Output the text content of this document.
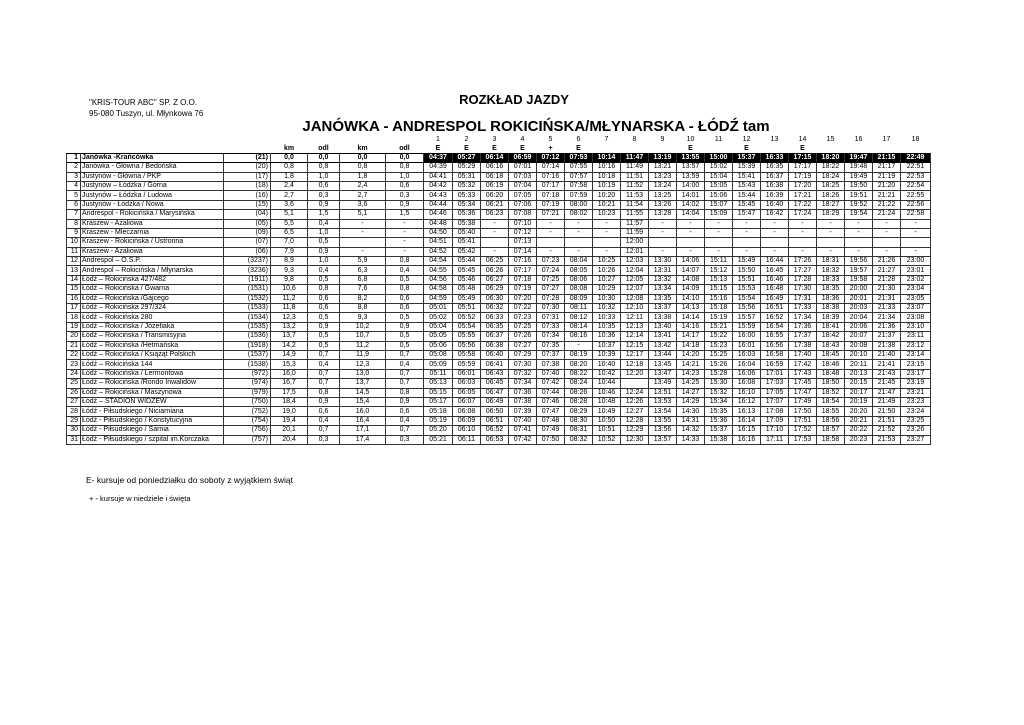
"KRIS-TOUR ABC" SP. Z O.O.
95-080 Tuszyn, ul. Młynkowa 76
ROZKŁAD JAZDY
JANÓWKA - ANDRESPOL ROKICIŃSKA/MŁYNARSKA - ŁÓDŹ tam
							1	2	3	4	5	6	7	8	9	10	11	12	13	14	15	16	17	18
			km	odl	km	odl	E	E	E	E	+	E				E		E		E				
1	Janówka -Krańcówka	(21)	0,0	0,0	0,0	0,0	04:37	05:27	06:14	06:59	07:12	07:53	10:14	11:47	13:19	13:55	15:00	15:37	16:33	17:15	18:20	19:47	21:15	22:49
2	Janówka - Główna / Bedońska	(20)	0,8	0,8	0,8	0,8	04:39	05:29	06:16	07:01	07:14	07:55	10:16	11:49	13:21	13:57	15:02	15:39	16:35	17:17	18:22	19:48	21:17	22:51
3	Justynów - Główna / PKP	(17)	1,8	1,0	1,8	1,0	04:41	05:31	06:18	07:03	07:16	07:57	10:18	11:51	13:23	13:59	15:04	15:41	16:37	17:19	18:24	19:49	21:19	22:53
4	Justynów – Łódzka / Górna	(18)	2,4	0,6	2,4	0,6	04:42	05:32	06:19	07:04	07:17	07:58	10:19	11:52	13:24	14:00	15:05	15:43	16:38	17:20	18:25	19:50	21:20	22:54
5	Justynów – Łódzka / Ludowa	(16)	2,7	0,3	2,7	0,3	04:43	05:33	06:20	07:05	07:18	07:59	10:20	11:53	13:25	14:01	15:06	15:44	16:39	17:21	18:26	19:51	21:21	22:55
6	Justynów - Łódzka / Nowa	(15)	3,6	0,9	3,6	0,9	04:44	05:34	06:21	07:06	07:19	08:00	10:21	11:54	13:26	14:02	15:07	15:45	16:40	17:22	18:27	19:52	21:22	22:56
7	Andrespol - Rokicińska / Marysińska	(04)	5,1	1,5	5,1	1,5	04:46	05:36	06:23	07:08	07:21	08:02	10:23	11:55	13:28	14:04	15:09	15:47	16:42	17:24	18:29	19:54	21:24	22:58
8	Kraszew - Azaliowa	(05)	5,5	0,4	-	-	04:48	05:38	-	07:10	-	-	-	11:57	-	-	-	-	-	-	-	-	-	-
9	Kraszew - Mleczarnia	(09)	6,5	1,0	-	-	04:50	05:40	-	07:12	-	-	-	11:59	-	-	-	-	-	-	-	-	-	-
10	Kraszew - Rokicińska / Ustronna	(07)	7,0	0,5		-	04:51	05:41		07:13				12:00										
11	Kraszew - Azaliowa	(06)	7,9	0,9	-	-	04:52	05:42	-	07:14	-	-	-	12:01	-	-	-	-	-	-	-	-	-	-
12	Andrespol – O.S.P.	(3237)	8,9	1,0	5,9	0,8	04:54	05:44	06:25	07:16	07:23	08:04	10:25	12:03	13:30	14:06	15:11	15:49	16:44	17:26	18:31	19:56	21:26	23:00
13	Andrespol – Rokicińska / Młynarska	(3236)	9,3	0,4	6,3	0,4	04:55	05:45	06:26	07:17	07:24	08:05	10:26	12:04	13:31	14:07	15:12	15:50	16:45	17:27	18:32	19:57	21:27	23:01
14	Łódź – Rokicińska 427/482	(1911)	9,8	0,5	6,8	0,5	04:56	05:46	06:27	07:18	07:25	08:06	10:27	12:05	13:32	14:08	15:13	15:51	16:46	17:28	18:33	19:58	21:28	23:02
15	Łódź – Rokicińska / Gwarna	(1531)	10,6	0,8	7,6	0,8	04:58	05:48	06:29	07:19	07:27	08:08	10:29	12:07	13:34	14:09	15:15	15:53	16:48	17:30	18:35	20:00	21:30	23:04
16	Łódź – Rokicińska /Gajcego	(1532)	11,2	0,6	8,2	0,6	04:59	05:49	06:30	07:20	07:28	08:09	10:30	12:08	13:35	14:10	15:16	15:54	16:49	17:31	18:36	20:01	21:31	23:05
17	Łódź – Rokicińska 297/324	(1533)	11,8	0,6	8,8	0,6	05:01	05:51	06:32	07:22	07:30	08:11	10:32	12:10	13:37	14:13	15:18	15:56	16:51	17:33	18:38	20:03	21:33	23:07
18	Łódź – Rokicińska 280	(1534)	12,3	0,5	9,3	0,5	05:02	05:52	06:33	07:23	07:31	08:12	10:33	12:11	13:38	14:14	15:19	15:57	16:52	17:34	18:39	20:04	21:34	23:08
19	Łódź – Rokicińska / Józefiaka	(1535)	13,2	0,9	10,2	0,9	05:04	05:54	06:35	07:25	07:33	08:14	10:35	12:13	13:40	14:16	15:21	15:59	16:54	17:36	18:41	20:06	21:36	23:10
20	Łódź – Rokicińska / Transmisyjna	(1536)	13,7	0,5	10,7	0,5	05:05	05:55	06:37	07:26	07:34	08:16	10:36	12:14	13:41	14:17	15:22	16:00	16:55	17:37	18:42	20:07	21:37	23:11
21	Łódź – Rokicińska /Hetmańska	(1918)	14,2	0,5	11,2	0,5	05:06	05:56	06:38	07:27	07:35	-	10:37	12:15	13:42	14:18	15:23	16:01	16:56	17:38	18:43	20:08	21:38	23:12
22	Łódź – Rokicińska / Książąt Polskich	(1537)	14,9	0,7	11,9	0,7	05:08	05:58	06:40	07:29	07:37	08:19	10:39	12:17	13:44	14:20	15:25	16:03	16:58	17:40	18:45	20:10	21:40	23:14
23	Łódź – Rokicińska 144	(1538)	15,3	0,4	12,3	0,4	05:09	05:59	06:41	07:30	07:38	08:20	10:40	12:18	13:45	14:21	15:26	16:04	16:59	17:42	18:46	20:11	21:41	23:15
24	Łódź – Rokicińska / Lermontowa	(972)	16,0	0,7	13,0	0,7	05:11	06:01	06:43	07:32	07:40	08:22	10:42	12:20	13:47	14:23	15:28	16:06	17:01	17:43	18:48	20:13	21:43	23:17
25	Łódź – Rokicińska /Rondo Inwalidów	(974)	16,7	0,7	13,7	0,7	05:13	06:03	06:45	07:34	07:42	08:24	10:44		13:49	14:25	15:30	16:08	17:03	17:45	18:50	20:15	21:45	23:19
26	Łódź – Rokicińska / Maszynowa	(979)	17,5	0,8	14,5	0,8	05:15	06:05	06:47	07:36	07:44	08:26	10:46	12:24	13:51	14:27	15:32	16:10	17:05	17:47	18:52	20:17	21:47	23:21
27	Łódź – STADION WIDZEW	(750)	18,4	0,9	15,4	0,9	05:17	06:07	06:49	07:38	07:46	08:28	10:48	12:26	13:53	14:29	15:34	16:12	17:07	17:49	18:54	20:19	21:49	23:23
28	Łódź - Piłsudskiego / Niciarniana	(752)	19,0	0,6	16,0	0,6	05:18	06:08	06:50	07:39	07:47	08:29	10:49	12:27	13:54	14:30	15:35	16:13	17:08	17:50	18:55	20:20	21:50	23:24
29	Łódź - Piłsudskiego / Konstytucyjna	(754)	19,4	0,4	16,4	0,4	05:19	06:09	06:51	07:40	07:48	08:30	10:50	12:28	13:55	14:31	15:36	16:14	17:09	17:51	18:56	20:21	21:51	23:25
30	Łódź - Piłsudskiego / Sarnia	(756)	20,1	0,7	17,1	0,7	05:20	06:10	06:52	07:41	07:49	08:31	10:51	12:29	13:56	14:32	15:37	16:15	17:10	17:52	18:57	20:22	21:52	23:26
31	Łódź - Piłsudskiego / szpital im.Korczaka	(757)	20,4	0,3	17,4	0,3	05:21	06:11	06:53	07:42	07:50	08:32	10:52	12:30	13:57	14:33	15:38	16:16	17:11	17:53	18:58	20:23	21:53	23:27
E- kursuje od poniedziałku do soboty z wyjątkiem świąt
+ - kursuje w niedziele i święta
